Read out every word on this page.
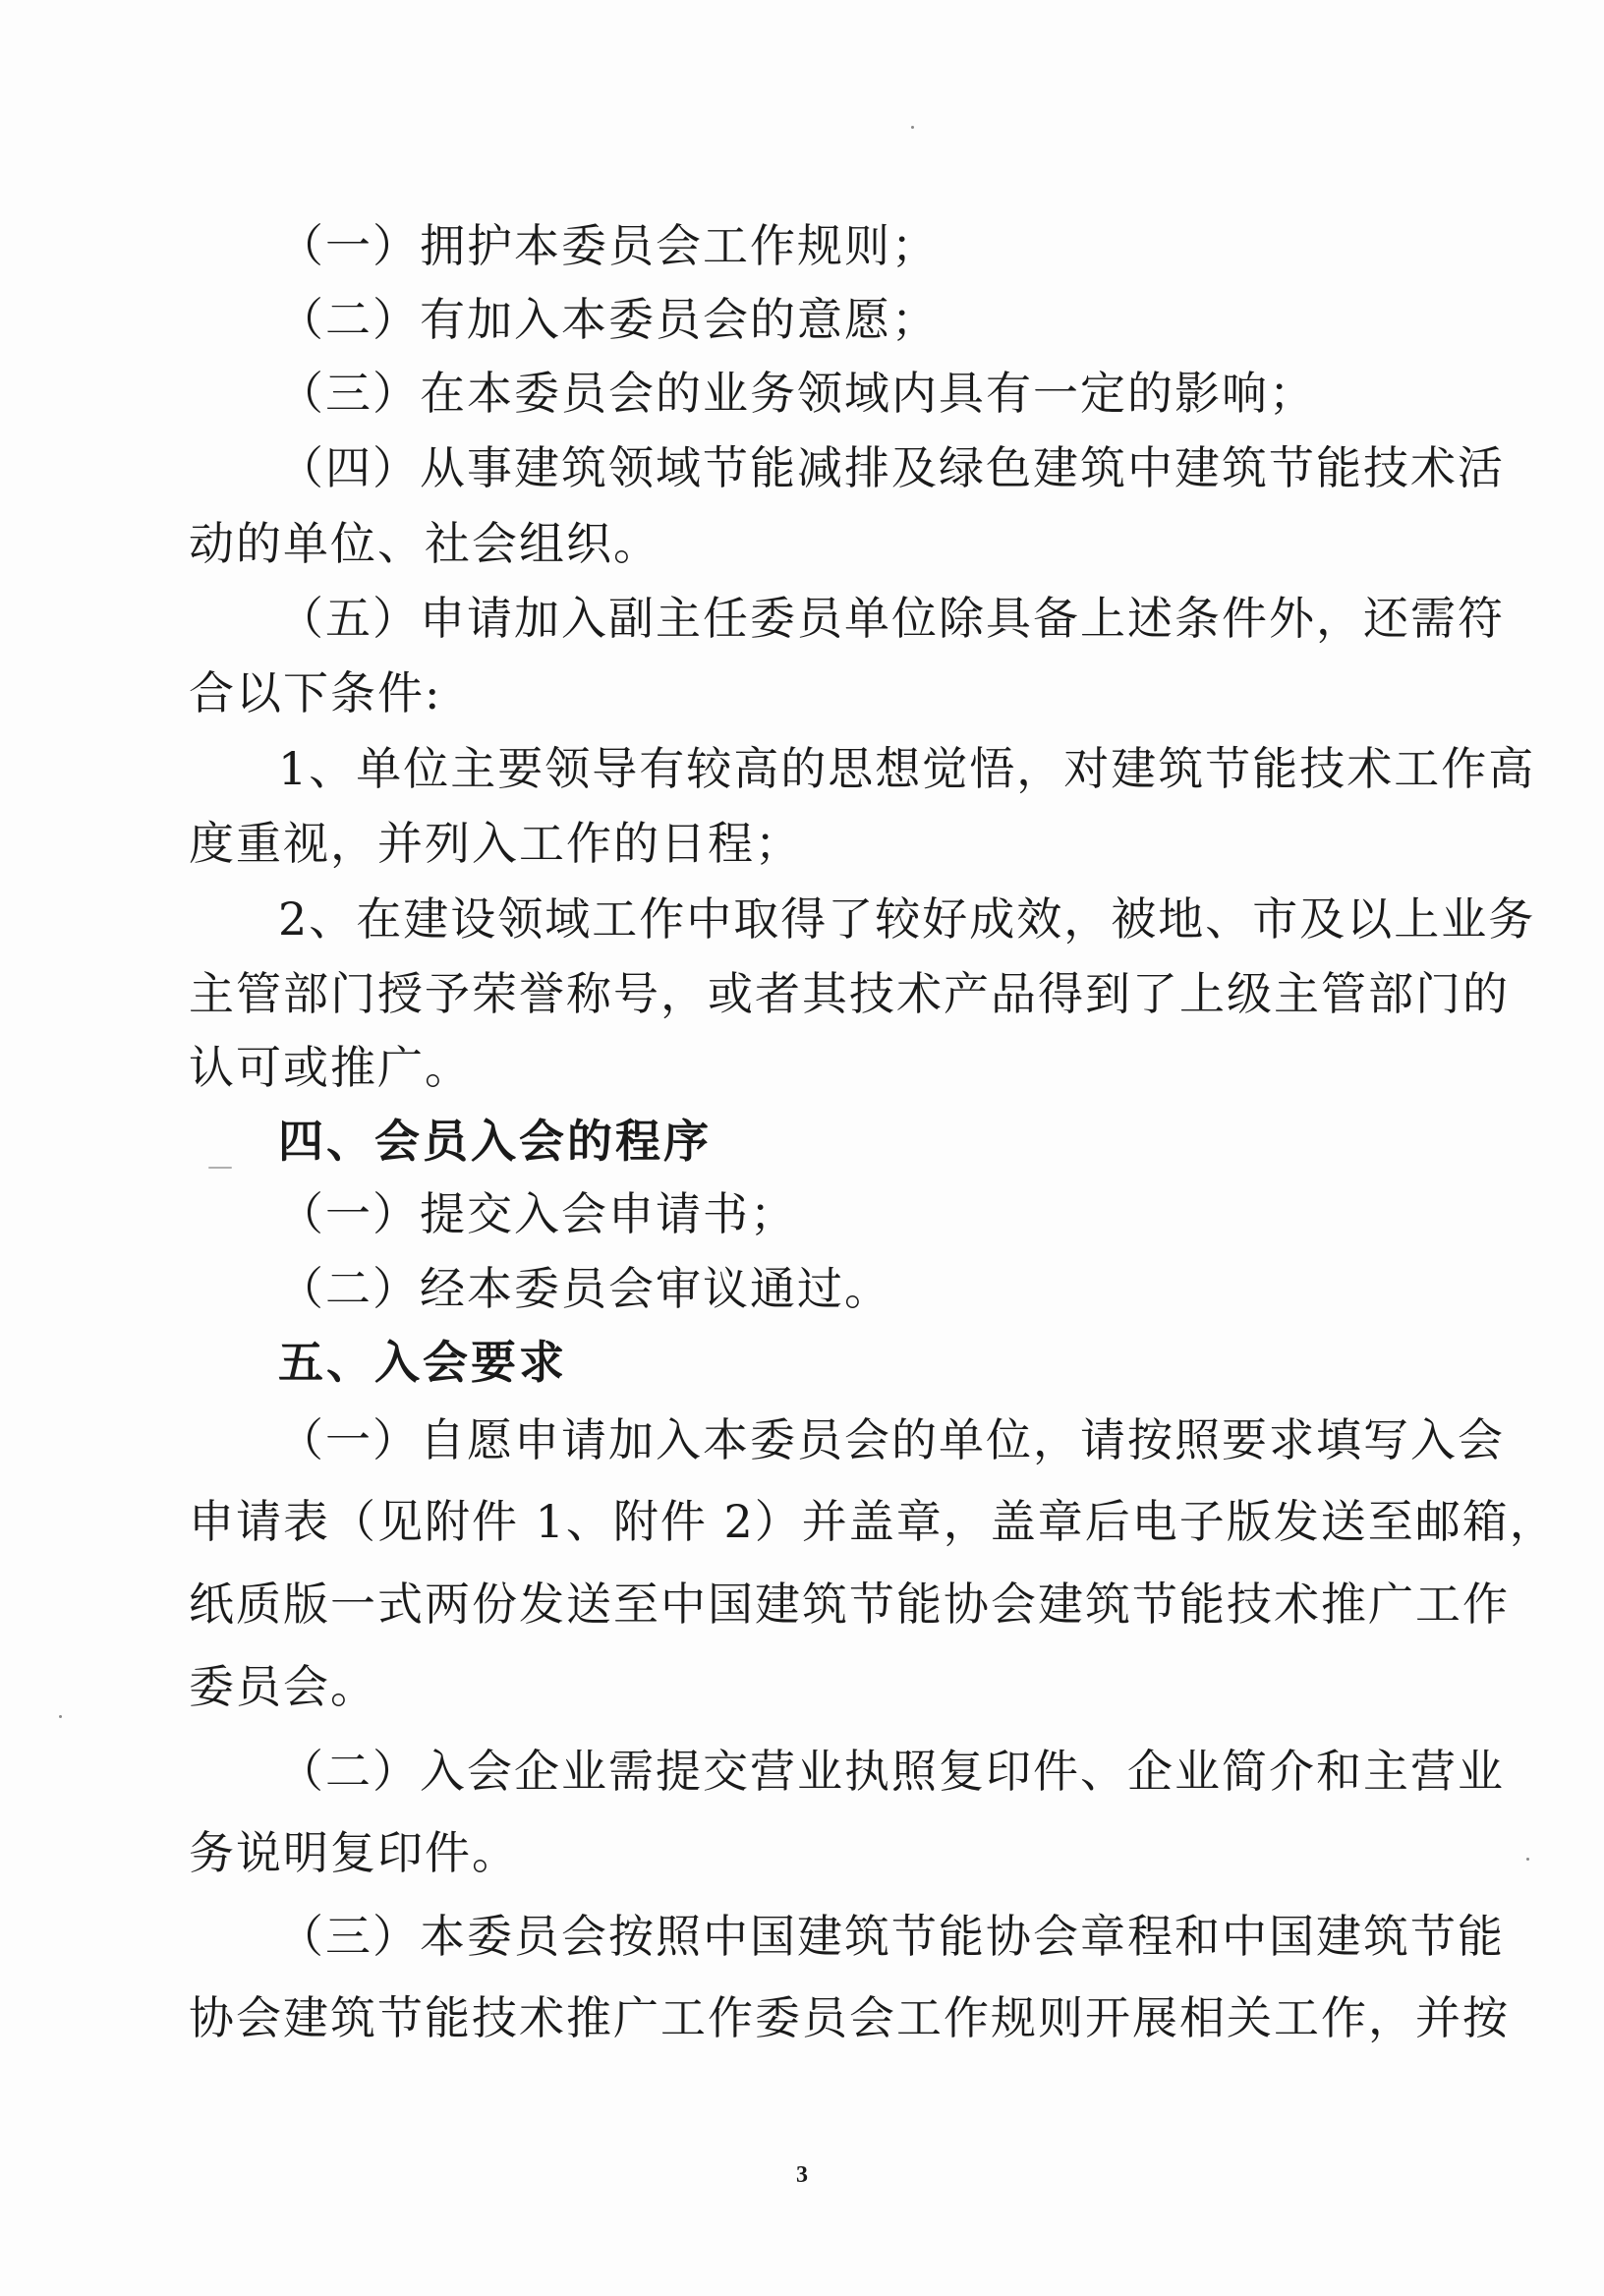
（一）拥护本委员会工作规则；
（二）有加入本委员会的意愿；
（三）在本委员会的业务领域内具有一定的影响；
（四）从事建筑领域节能减排及绿色建筑中建筑节能技术活
动的单位、社会组织。
（五）申请加入副主任委员单位除具备上述条件外，还需符
合以下条件:
1、单位主要领导有较高的思想觉悟，对建筑节能技术工作高
度重视，并列入工作的日程；
2、在建设领域工作中取得了较好成效，被地、市及以上业务
主管部门授予荣誉称号，或者其技术产品得到了上级主管部门的
认可或推广。
四、会员入会的程序
（一）提交入会申请书；
（二）经本委员会审议通过。
五、入会要求
（一）自愿申请加入本委员会的单位，请按照要求填写入会
申请表（见附件 1、附件 2）并盖章，盖章后电子版发送至邮箱，
纸质版一式两份发送至中国建筑节能协会建筑节能技术推广工作
委员会。
（二）入会企业需提交营业执照复印件、企业简介和主营业
务说明复印件。
（三）本委员会按照中国建筑节能协会章程和中国建筑节能
协会建筑节能技术推广工作委员会工作规则开展相关工作，并按
3
